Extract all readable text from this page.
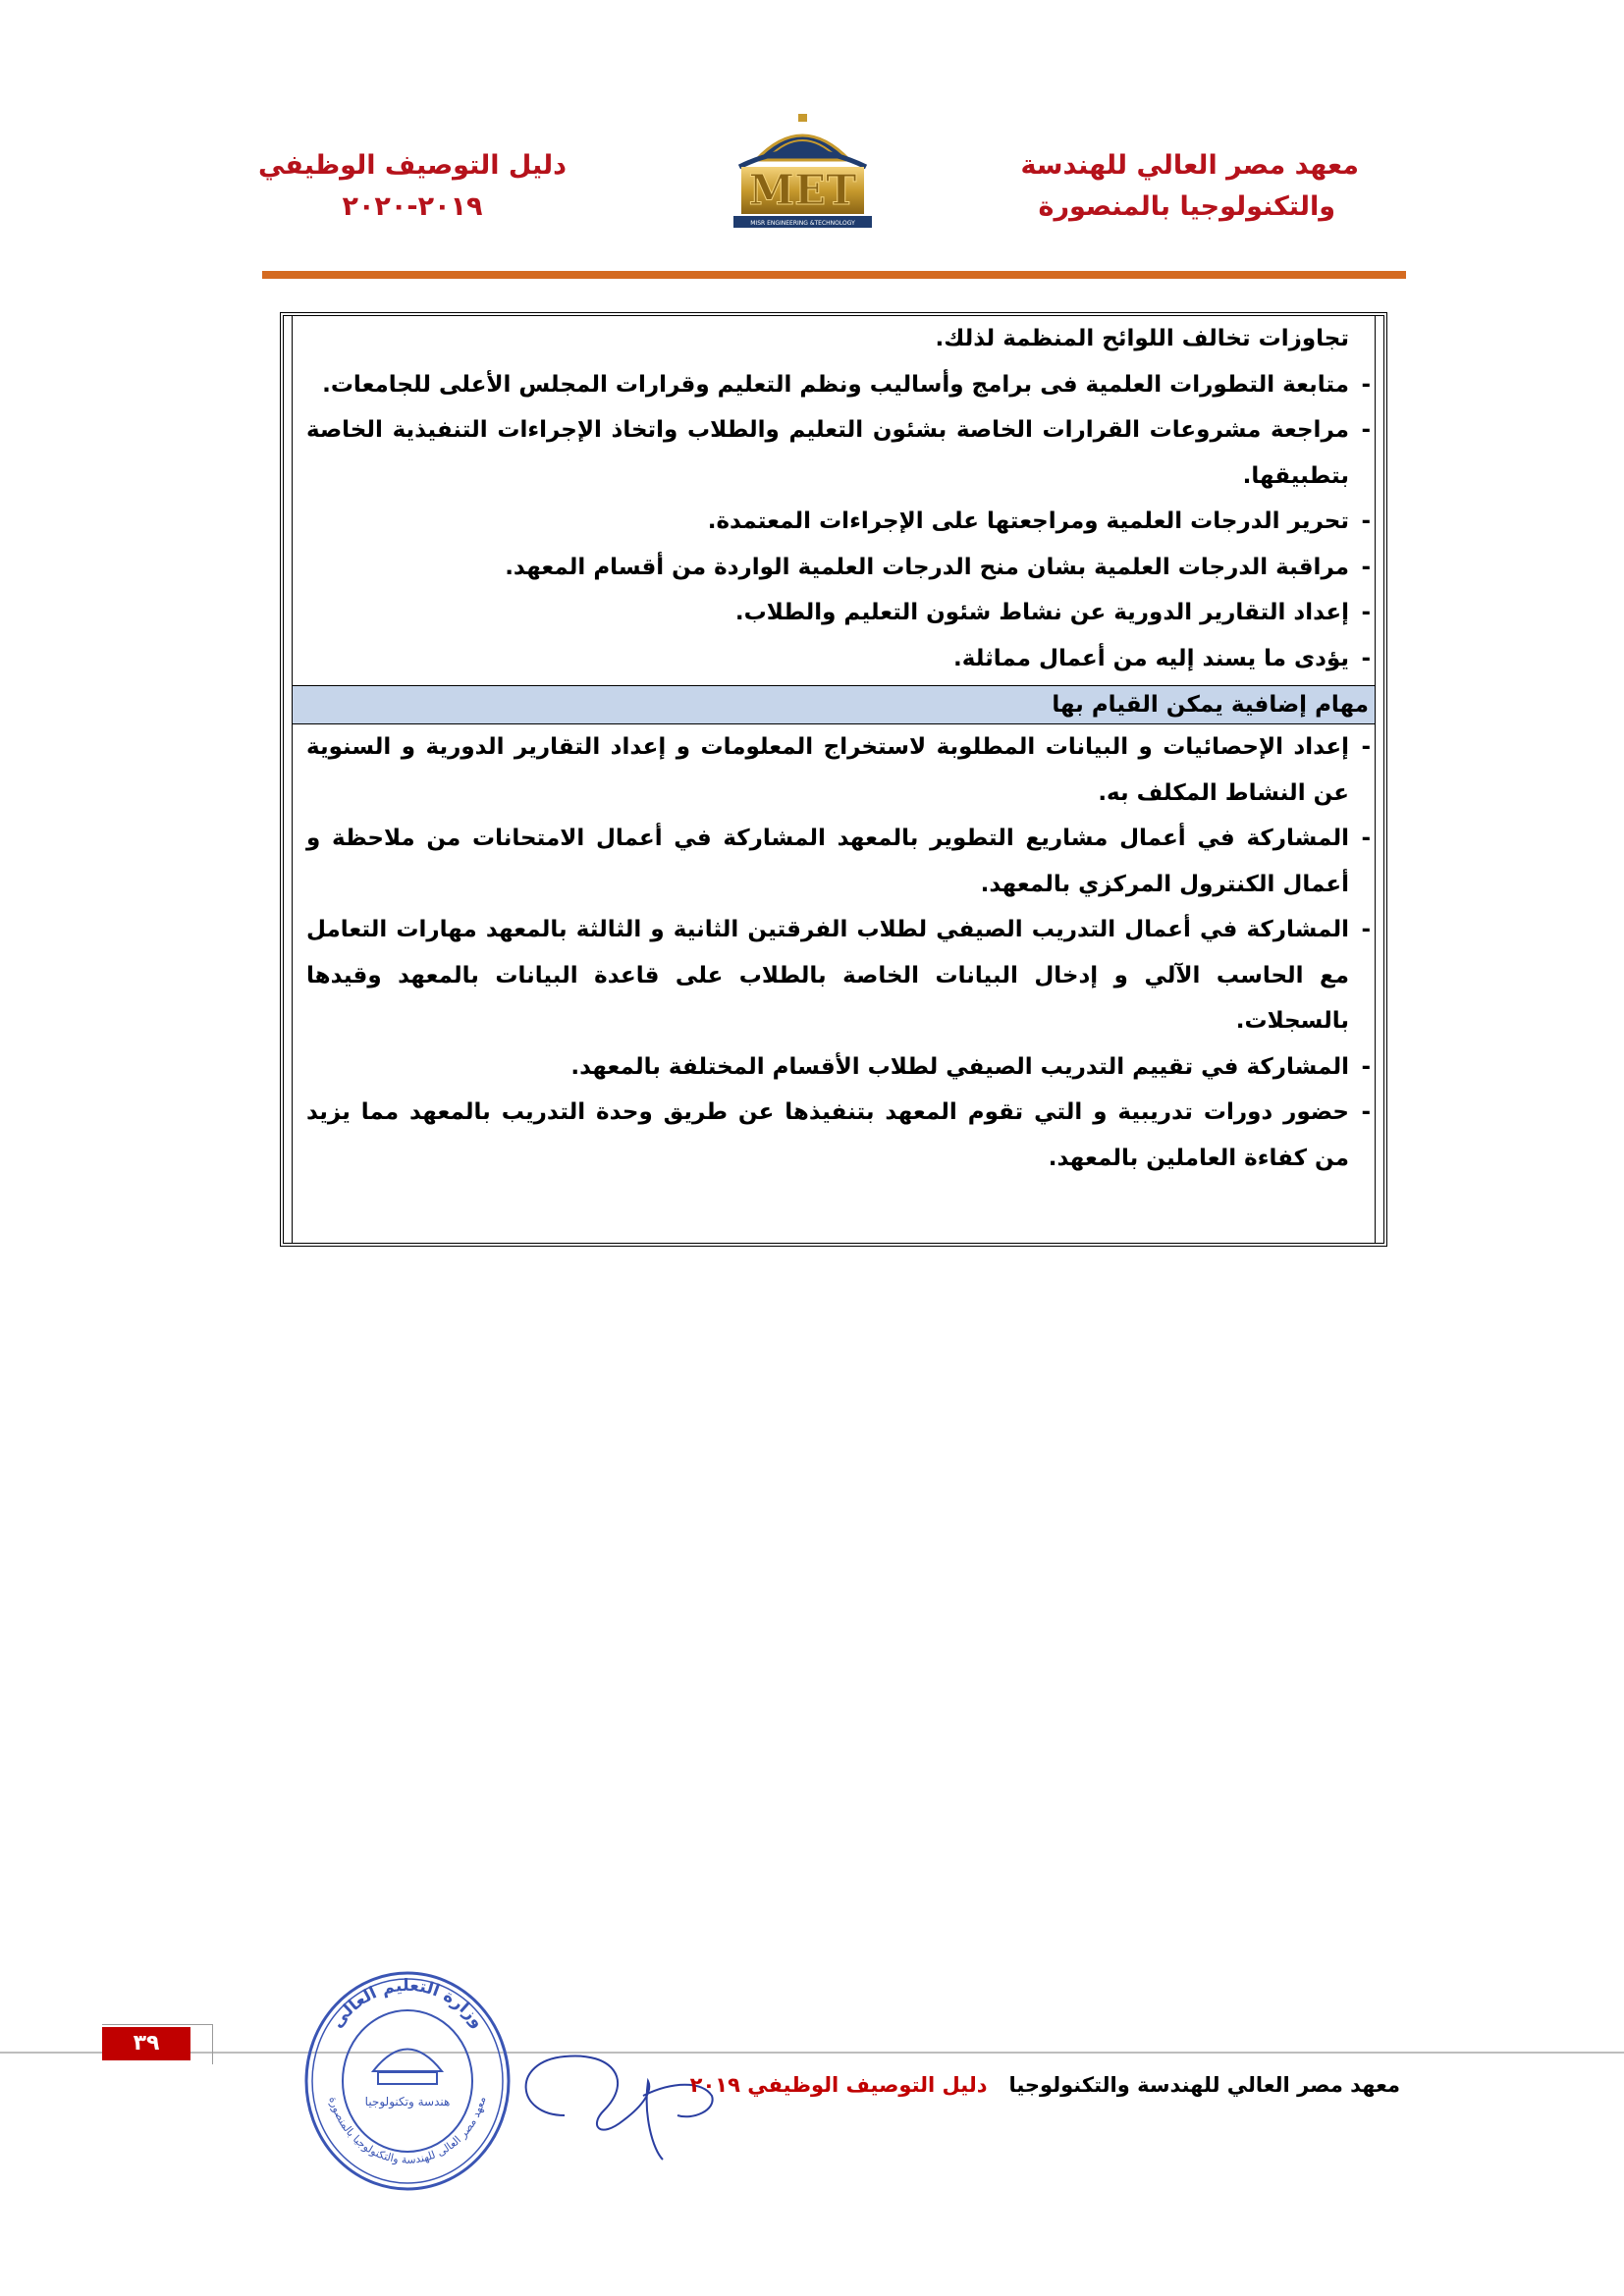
معهد مصر العالي للهندسة
والتكنولوجيا بالمنصورة
MET
MISR ENGINEERING &TECHNOLOGY
دليل التوصيف الوظيفي
٢٠١٩-٢٠٢٠
تجاوزات تخالف اللوائح المنظمة لذلك.
-
متابعة التطورات العلمية فى برامج وأساليب ونظم التعليم وقرارات المجلس الأعلى للجامعات.
-
مراجعة مشروعات القرارات الخاصة بشئون التعليم والطلاب واتخاذ الإجراءات التنفيذية الخاصة بتطبيقها.
-
تحرير الدرجات العلمية ومراجعتها على الإجراءات المعتمدة.
-
مراقبة الدرجات العلمية بشان منح الدرجات العلمية الواردة من أقسام المعهد.
-
إعداد التقارير الدورية عن نشاط شئون التعليم والطلاب.
-
يؤدى ما يسند إليه من أعمال مماثلة.
مهام إضافية يمكن القيام بها
-
إعداد الإحصائيات و البيانات المطلوبة لاستخراج المعلومات و إعداد التقارير الدورية و السنوية عن النشاط المكلف به.
-
المشاركة في أعمال مشاريع التطوير بالمعهد المشاركة في أعمال الامتحانات من ملاحظة و أعمال الكنترول المركزي بالمعهد.
-
المشاركة في أعمال التدريب الصيفي لطلاب الفرقتين الثانية و الثالثة بالمعهد مهارات التعامل مع الحاسب الآلي و إدخال البيانات الخاصة بالطلاب على قاعدة البيانات بالمعهد وقيدها بالسجلات.
-
المشاركة في تقييم التدريب الصيفي لطلاب الأقسام المختلفة بالمعهد.
-
حضور دورات تدريبية و التي تقوم المعهد بتنفيذها عن طريق وحدة التدريب بالمعهد مما يزيد من كفاءة العاملين بالمعهد.
٣٩
وزارة التعليم العالى
معهد مصر العالى للهندسة والتكنولوجيا بالمنصورة
هندسة وتكنولوجيا
معهد مصر العالي للهندسة والتكنولوجيا   دليل التوصيف الوظيفي ٢٠١٩
